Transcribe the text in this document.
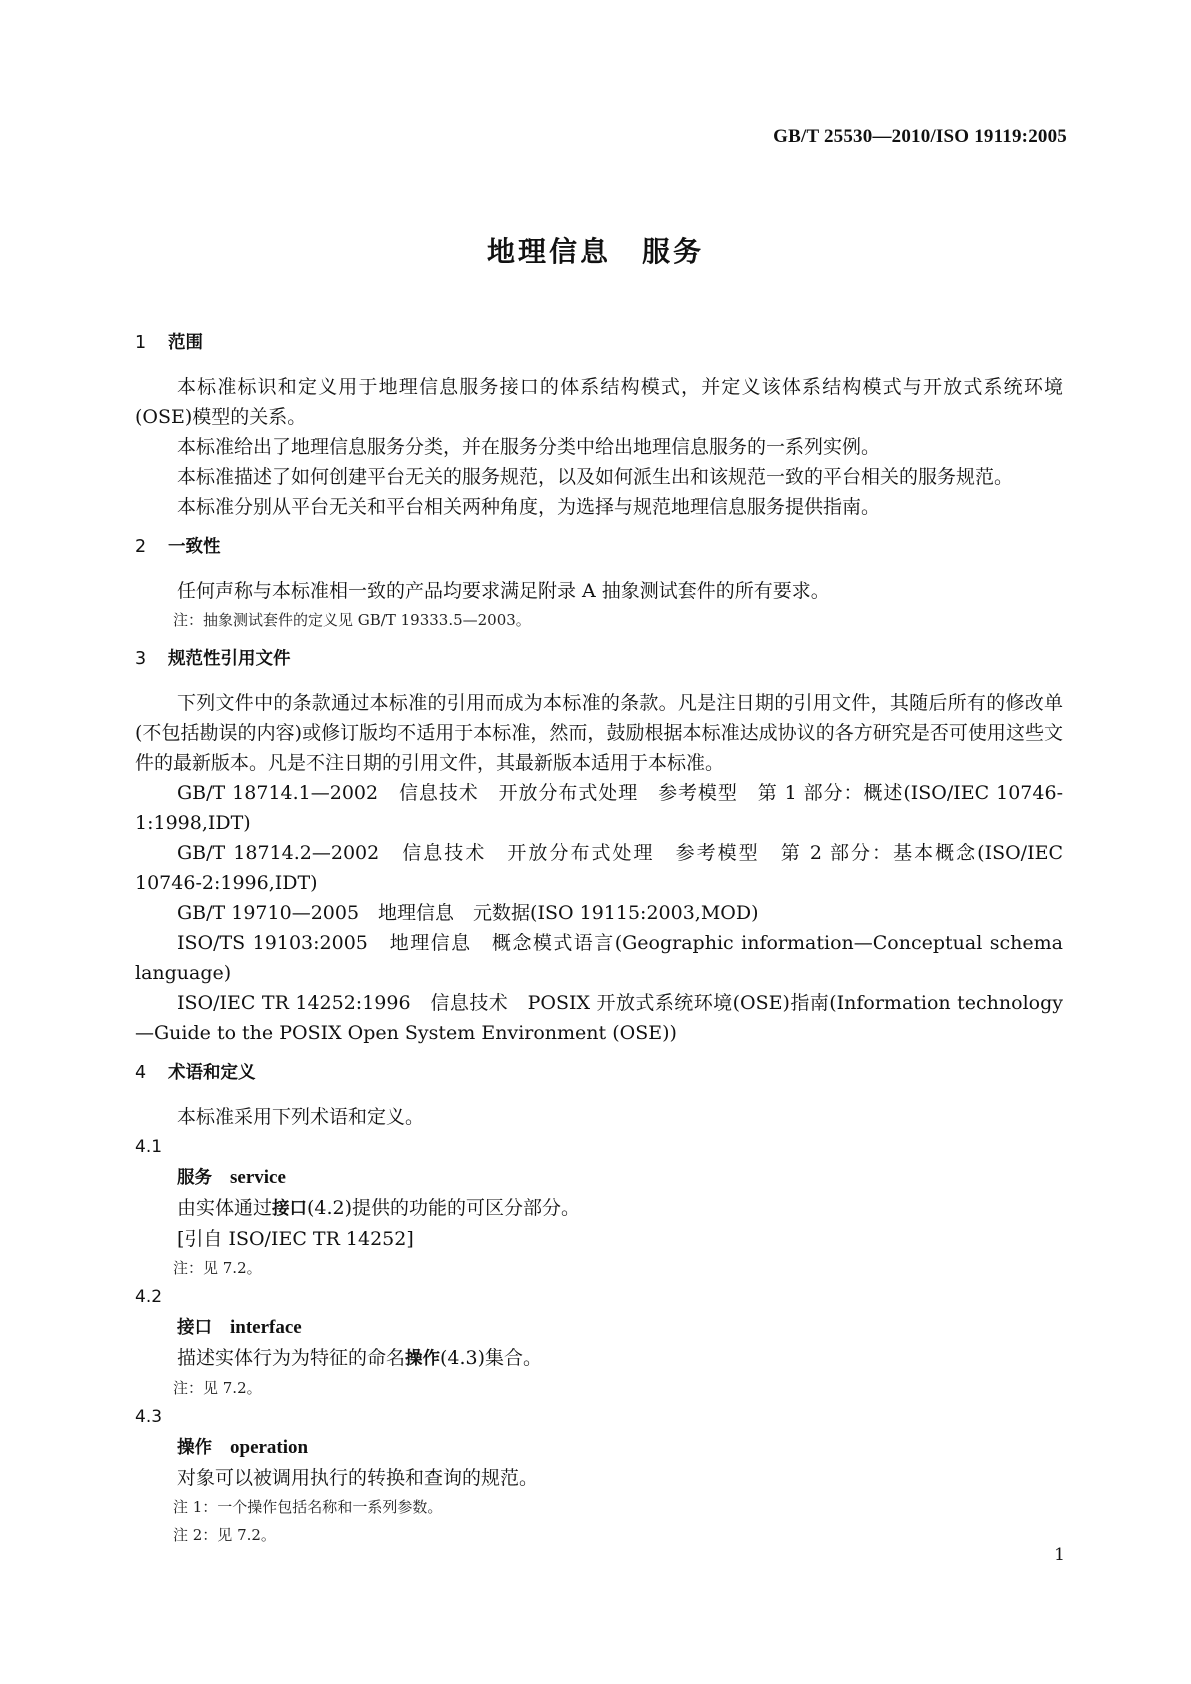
GB/T 25530—2010/ISO 19119:2005
地理信息　服务

1 范围

本标准标识和定义用于地理信息服务接口的体系结构模式，并定义该体系结构模式与开放式系统环境(OSE)模型的关系。

本标准给出了地理信息服务分类，并在服务分类中给出地理信息服务的一系列实例。

本标准描述了如何创建平台无关的服务规范，以及如何派生出和该规范一致的平台相关的服务规范。

本标准分别从平台无关和平台相关两种角度，为选择与规范地理信息服务提供指南。

2 一致性

任何声称与本标准相一致的产品均要求满足附录 A 抽象测试套件的所有要求。

注：抽象测试套件的定义见 GB/T 19333.5—2003。

3 规范性引用文件

下列文件中的条款通过本标准的引用而成为本标准的条款。凡是注日期的引用文件，其随后所有的修改单(不包括勘误的内容)或修订版均不适用于本标准，然而，鼓励根据本标准达成协议的各方研究是否可使用这些文件的最新版本。凡是不注日期的引用文件，其最新版本适用于本标准。

GB/T 18714.1—2002　信息技术　开放分布式处理　参考模型　第 1 部分：概述(ISO/IEC 10746-1:1998,IDT)

GB/T 18714.2—2002　信息技术　开放分布式处理　参考模型　第 2 部分：基本概念(ISO/IEC 10746-2:1996,IDT)

GB/T 19710—2005　地理信息　元数据(ISO 19115:2003,MOD)

ISO/TS 19103:2005　地理信息　概念模式语言(Geographic information—Conceptual schema language)

ISO/IEC TR 14252:1996　信息技术　POSIX 开放式系统环境(OSE)指南(Information technology—Guide to the POSIX Open System Environment (OSE))

4 术语和定义

本标准采用下列术语和定义。

4.1

服务 service

由实体通过接口(4.2)提供的功能的可区分部分。

[引自 ISO/IEC TR 14252]

注：见 7.2。

4.2

接口 interface

描述实体行为为特征的命名操作(4.3)集合。

注：见 7.2。

4.3

操作 operation

对象可以被调用执行的转换和查询的规范。

注 1：一个操作包括名称和一系列参数。

注 2：见 7.2。

1
